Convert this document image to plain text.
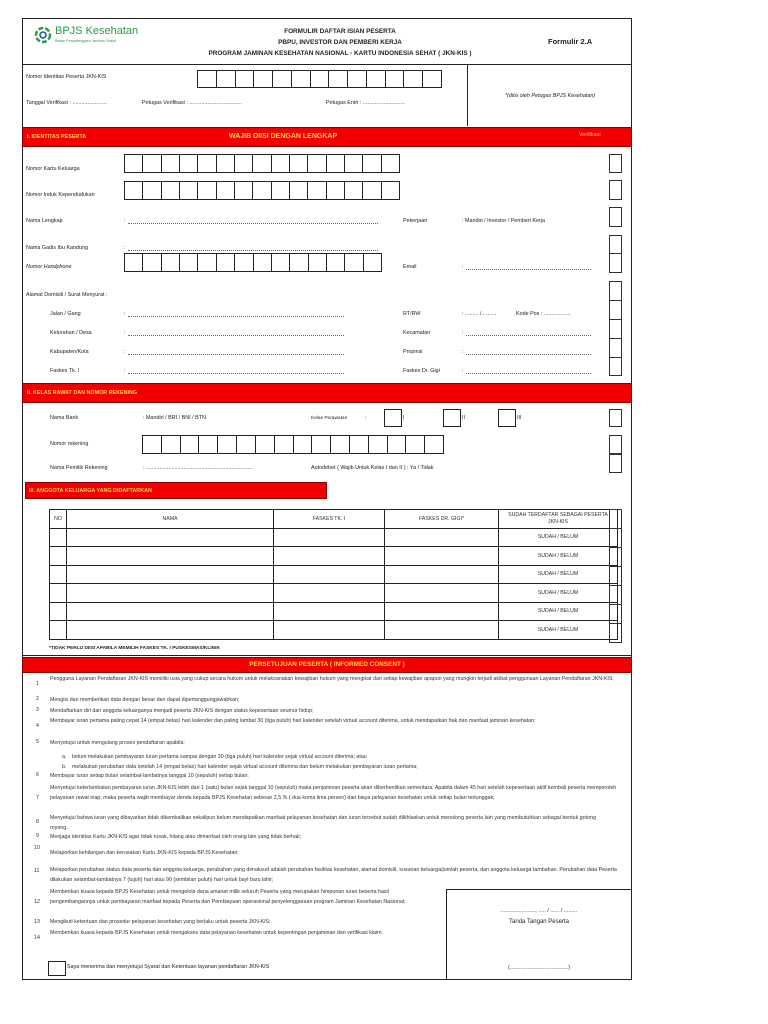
BPJS Kesehatan
Badan Penyelenggara Jaminan Sosial
FORMULIR DAFTAR ISIAN PESERTA
PBPU, INVESTOR DAN PEMBERI KERJA
PROGRAM JAMINAN KESEHATAN NASIONAL - KARTU INDONESIA SEHAT ( JKN-KIS )
Formulir 2.A
Nomor Identitas Peserta JKN-KIS
Tanggal Verifikasi : .......................	Petugas Verifikasi : ...................................	Petugas Entri : ............................
*(diisi oleh Petugas BPJS Kesehatan)
I. IDENTITAS PESERTA	WAJIB DIISI DENGAN LENGKAP	Verifikasi
Nomor Kartu Keluarga
Nomor Induk Kependudukan
Nama Lengkap	:	Pekerjaan	: Mandiri / Investor / Pemberi Kerja
Nama Gadis Ibu Kandung	:
Nomor Handphone	Email	:
Alamat Domisili / Surat Menyurat :
Jalan / Gang	:	RT/RW	: ......... /.. .......	Kode Pos : ..................
Kelurahan / Desa	:	Kecamatan	:
Kabupaten/Kota	:	Propinsi	:
Faskes Tk. I	:	Faskes Dr. Gigi	:
II. KELAS RAWAT DAN NOMOR REKENING
Nama Bank	: Mandiri / BRI / BNI / BTN	Kelas Perawatan	:	I	II	III
Nomor rekening
Nama Pemilik Rekening	: .......................................................................	Autodebet ( Wajib Untuk Kelas I dan II ) : Ya / Tidak
III. ANGGOTA KELUARGA YANG DIDAFTARKAN
NO	NAMA	FASKES TK. I	FASKES DR. GIGI*	SUDAH TERDAFTAR SEBAGAI PESERTA JKN-KIS
				SUDAH / BELUM
				SUDAH / BELUM
				SUDAH / BELUM
				SUDAH / BELUM
				SUDAH / BELUM
				SUDAH / BELUM
*TIDAK PERLU DIISI APABILA MEMILIH FASKES TK. I PUSKESMAS/KLINIK
PERSETUJUAN PESERTA ( INFORMED CONSENT )
1
Pengguna Layanan Pendaftaran JKN-KIS memiliki usia yang cukup secara hukum untuk melaksanakan kewajiban hukum yang mengikat dari setiap kewajiban apapun yang mungkin terjadi akibat penggunaan Layanan Pendaftaran JKN-KIS;
2 Mengisi dan memberikan data dengan benar dan dapat dipertanggungjawabkan;
3 Mendaftarkan diri dan anggota keluarganya menjadi peserta JKN-KIS dengan status kepesertaan seumur hidup;
4
Membayar iuran pertama paling cepat 14 (empat belas) hari kalender dan paling lambat 30 (tiga puluh) hari kalender setelah virtual account diterima, untuk mendapatkan hak dan manfaat jaminan kesehatan;
5 Menyetujui untuk mengulang proses pendaftaran apabila:
a. belum melakukan pembayaran iuran pertama sampai dengan 30 (tiga puluh) hari kalender sejak virtual account diterima; atau
b. melakukan perubahan data setelah 14 (empat belas) hari kalender sejak virtual account diterima dan belum melakukan pembayaran iuran pertama;
6 Membayar iuran setiap bulan selambat-lambatnya tanggal 10 (sepuluh) setiap bulan;
7
Menyetujui keterlambatan pembayaran iuran JKN-KIS lebih dari 1 (satu) bulan sejak tanggal 10 (sepuluh) maka penjaminan peserta akan diberhentikan sementara. Apabila dalam 45 hari setelah kepesertaan aktif kembali peserta memperoleh pelayanan rawat inap, maka peserta wajib membayar denda kepada BPJS Kesehatan sebesar 2,5 % ( dua koma lima persen) dari biaya pelayanan kesehatan untuk setiap bulan tertunggak;
8
Menyetujui bahwa iuran yang dibayarkan tidak dikembalikan sekalipun belum mendapatkan manfaat pelayanan kesehatan dan iuran tersebut sudah diikhlaskan untuk menolong peserta lain yang membutuhkan sebagai bentuk gotong royong.
9 Menjaga identitas Kartu JKN-KIS agar tidak rusak, hilang atau dimanfaat oleh orang lain yang tidak berhak;
10
Melaporkan kehilangan dan kerusakan Kartu JKN-KIS kepada BPJS Kesehatan;
11 Melaporkan perubahan status data peserta dan anggota keluarga, perubahan yang dimaksud adalah perubahan fasilitas kesehatan, alamat domisili, susunan keluarga/jumlah peserta, dan anggota keluarga tambahan. Perubahan data Peserta dilakukan selambat-lambatnya 7 (tujuh) hari atau 90 (sembilan puluh) hari untuk bayi baru lahir;
12
Memberikan kuasa kepada BPJS Kesehatan untuk mengelola dana amanat milik seluruh Peserta yang merupakan himpunan iuran beserta hasil pengembangannya untuk pembayaran manfaat kepada Peserta dan Pembiayaan operasional penyelenggaraan program Jaminan Kesehatan Nasional;
13 Mengikuti ketentuan dan prosedur pelayanan kesehatan yang berlaku untuk peserta JKN-KIS;
14
Memberikan kuasa kepada BPJS Kesehatan untuk mengakses data pelayanan kesehatan untuk kepentingan penjaminan dan verifikasi klaim.
Saya menerima dan menyetujui Syarat dan Ketentuan layanan pendaftaran JKN-KIS
......................., ..... / ...... / .........
Tanda Tangan Peserta
(.......................................)
